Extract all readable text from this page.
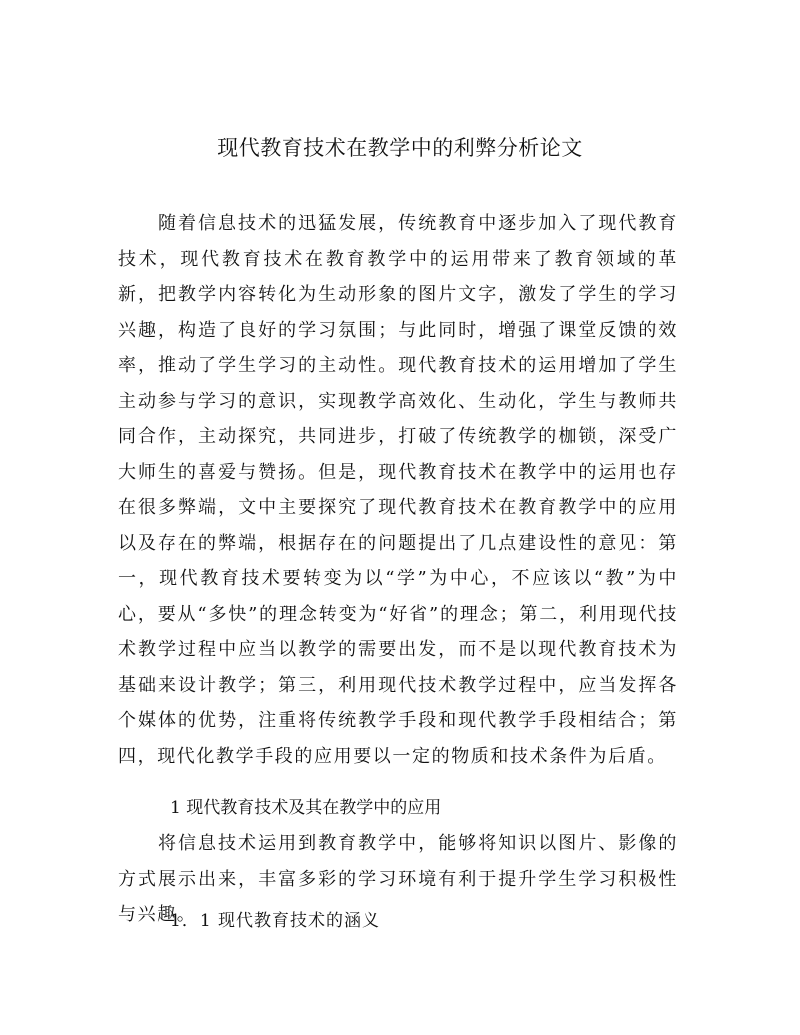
现代教育技术在教学中的利弊分析论文

随着信息技术的迅猛发展，传统教育中逐步加入了现代教育技术，现代教育技术在教育教学中的运用带来了教育领域的革新，把教学内容转化为生动形象的图片文字，激发了学生的学习兴趣，构造了良好的学习氛围；与此同时，增强了课堂反馈的效率，推动了学生学习的主动性。现代教育技术的运用增加了学生主动参与学习的意识，实现教学高效化、生动化，学生与教师共同合作，主动探究，共同进步，打破了传统教学的枷锁，深受广大师生的喜爱与赞扬。但是，现代教育技术在教学中的运用也存在很多弊端，文中主要探究了现代教育技术在教育教学中的应用以及存在的弊端，根据存在的问题提出了几点建设性的意见：第一，现代教育技术要转变为以“学”为中心，不应该以“教”为中心，要从“多快”的理念转变为“好省”的理念；第二，利用现代技术教学过程中应当以教学的需要出发，而不是以现代教育技术为基础来设计教学；第三，利用现代技术教学过程中，应当发挥各个媒体的优势，注重将传统教学手段和现代教学手段相结合；第四，现代化教学手段的应用要以一定的物质和技术条件为后盾。

1 现代教育技术及其在教学中的应用

将信息技术运用到教育教学中，能够将知识以图片、影像的方式展示出来，丰富多彩的学习环境有利于提升学生学习积极性与兴趣。

1．1 现代教育技术的涵义
